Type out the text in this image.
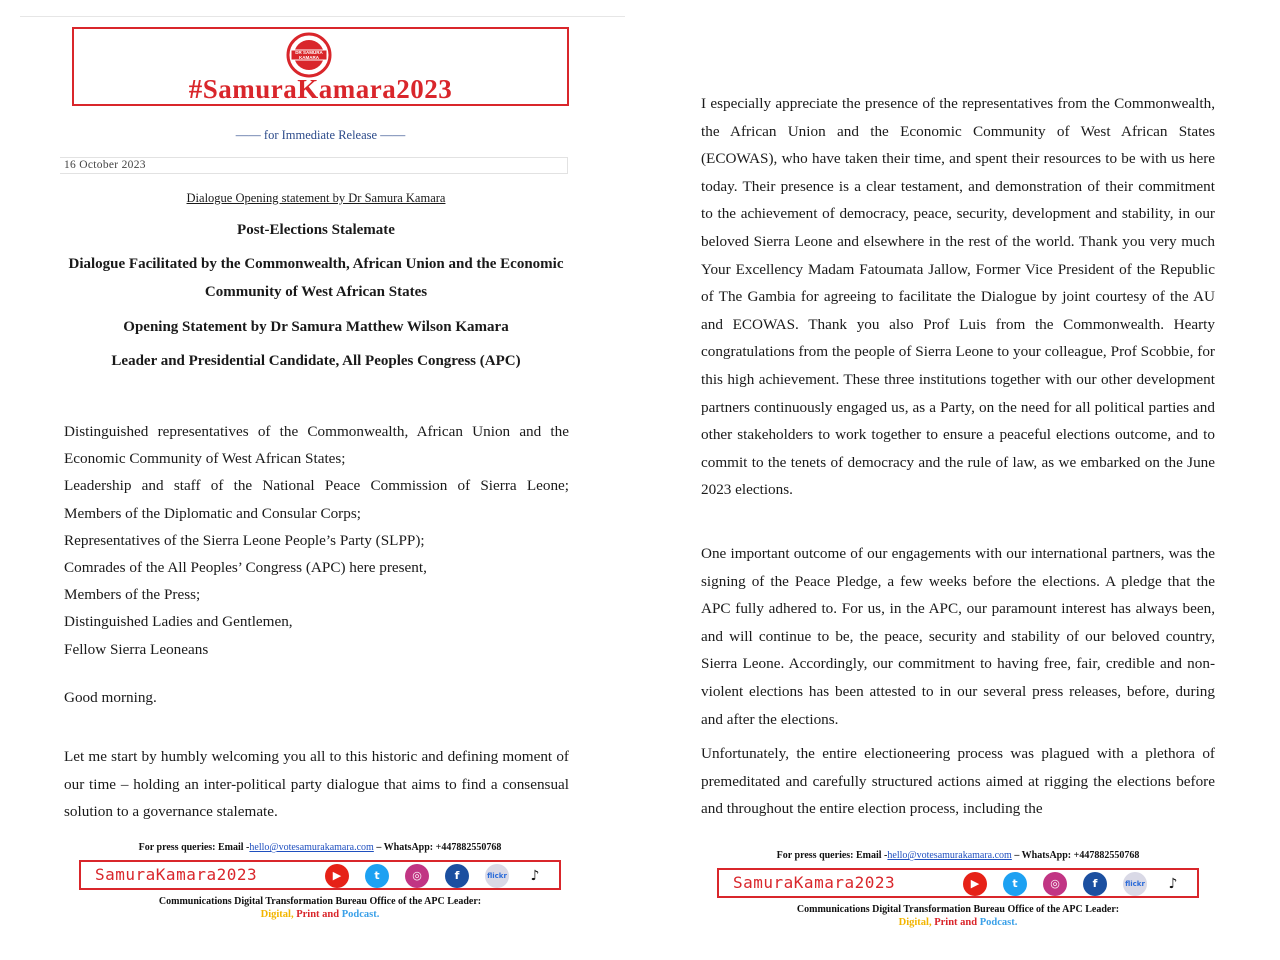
DR SAMURA
KAMARA
#SamuraKamara2023
—— for Immediate Release ——
16 October 2023
Dialogue Opening statement by Dr Samura Kamara
Post-Elections Stalemate
Dialogue Facilitated by the Commonwealth, African Union and the Economic Community of West African States
Opening Statement by Dr Samura Matthew Wilson Kamara
Leader and Presidential Candidate, All Peoples Congress (APC)
Distinguished representatives of the Commonwealth, African Union and the Economic Community of West African States;
Leadership and staff of the National Peace Commission of Sierra Leone;
Members of the Diplomatic and Consular Corps;
Representatives of the Sierra Leone People’s Party (SLPP);
Comrades of the All Peoples’ Congress (APC) here present,
Members of the Press;
Distinguished Ladies and Gentlemen,
Fellow Sierra Leoneans
Good morning.
Let me start by humbly welcoming you all to this historic and defining moment of our time – holding an inter-political party dialogue that aims to find a consensual solution to a governance stalemate.
For press queries: Email -hello@votesamurakamara.com – WhatsApp: +447882550768
SamuraKamara2023	▶	t	◎	f	flickr	♪
Communications Digital Transformation Bureau Office of the APC Leader:
Digital, Print and Podcast.
I especially appreciate the presence of the representatives from the Commonwealth, the African Union and the Economic Community of West African States (ECOWAS), who have taken their time, and spent their resources to be with us here today. Their presence is a clear testament, and demonstration of their commitment to the achievement of democracy, peace, security, development and stability, in our beloved Sierra Leone and elsewhere in the rest of the world. Thank you very much Your Excellency Madam Fatoumata Jallow, Former Vice President of the Republic of The Gambia for agreeing to facilitate the Dialogue by joint courtesy of the AU and ECOWAS. Thank you also Prof Luis from the Commonwealth. Hearty congratulations from the people of Sierra Leone to your colleague, Prof Scobbie, for this high achievement. These three institutions together with our other development partners continuously engaged us, as a Party, on the need for all political parties and other stakeholders to work together to ensure a peaceful elections outcome, and to commit to the tenets of democracy and the rule of law, as we embarked on the June 2023 elections.
One important outcome of our engagements with our international partners, was the signing of the Peace Pledge, a few weeks before the elections. A pledge that the APC fully adhered to. For us, in the APC, our paramount interest has always been, and will continue to be, the peace, security and stability of our beloved country, Sierra Leone. Accordingly, our commitment to having free, fair, credible and non-violent elections has been attested to in our several press releases, before, during and after the elections.
Unfortunately, the entire electioneering process was plagued with a plethora of premeditated and carefully structured actions aimed at rigging the elections before and throughout the entire election process, including the
For press queries: Email -hello@votesamurakamara.com – WhatsApp: +447882550768
SamuraKamara2023	▶	t	◎	f	flickr	♪
Communications Digital Transformation Bureau Office of the APC Leader:
Digital, Print and Podcast.
